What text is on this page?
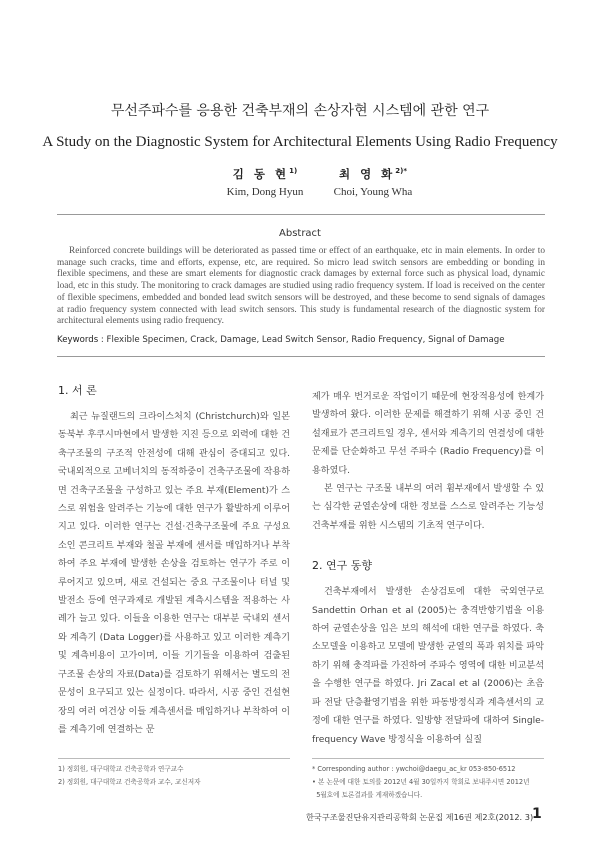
무선주파수를 응용한 건축부재의 손상자현 시스템에 관한 연구
A Study on the Diagnostic System for Architectural Elements Using Radio Frequency
김 동 현$^{1)}$
Kim, Dong Hyun
최 영 화$^{2)*}$
Choi, Young Wha
Abstract

Reinforced concrete buildings will be deteriorated as passed time or effect of an earthquake, etc in main elements. In order to manage such cracks, time and efforts, expense, etc, are required. So micro lead switch sensors are embedding or bonding in flexible specimens, and these are smart elements for diagnostic crack damages by external force such as physical load, dynamic load, etc in this study. The monitoring to crack damages are studied using radio frequency system. If load is received on the center of flexible specimens, embedded and bonded lead switch sensors will be destroyed, and these become to send signals of damages at radio frequency system connected with lead switch sensors. This study is fundamental research of the diagnostic system for architectural elements using radio frequency.

Keywords : Flexible Specimen, Crack, Damage, Lead Switch Sensor, Radio Frequency, Signal of Damage
1. 서 론

최근 뉴질랜드의 크라이스처치 (Christchurch)와 일본 동북부 후쿠시마현에서 발생한 지진 등으로 외력에 대한 건축구조물의 구조적 안전성에 대해 관심이 증대되고 있다. 국내외적으로 고베너치의 동적하중이 건축구조물에 작용하면 건축구조물을 구성하고 있는 주요 부재(Element)가 스스로 위험을 알려주는 기능에 대한 연구가 활발하게 이루어지고 있다. 이러한 연구는 건설·건축구조물에 주요 구성요소인 콘크리트 부재와 철골 부재에 센서를 매입하거나 부착하여 주요 부재에 발생한 손상을 검토하는 연구가 주로 이루어지고 있으며, 새로 건설되는 중요 구조물이나 터널 및 발전소 등에 연구과제로 개발된 계측시스템을 적용하는 사례가 늘고 있다. 이들을 이용한 연구는 대부분 국내외 센서와 계측기 (Data Logger)를 사용하고 있고 이러한 계측기 및 계측비용이 고가이며, 이들 기기들을 이용하여 검출된 구조물 손상의 자료(Data)를 검토하기 위해서는 별도의 전문성이 요구되고 있는 실정이다. 따라서, 시공 중인 건설현장의 여러 여건상 이들 계측센서를 매입하거나 부착하여 이를 계측기에 연결하는 문

제가 매우 번거로운 작업이기 때문에 현장적용성에 한계가 발생하여 왔다. 이러한 문제를 해결하기 위해 시공 중인 건설재료가 콘크리트일 경우, 센서와 계측기의 연결성에 대한 문제를 단순화하고 무선 주파수 (Radio Frequency)를 이용하였다.

본 연구는 구조물 내부의 여러 휨부재에서 발생할 수 있는 심각한 균열손상에 대한 정보를 스스로 알려주는 기능성 건축부재를 위한 시스템의 기초적 연구이다.

2. 연구 동향

건축부재에서 발생한 손상검토에 대한 국외연구로 Sandettin Orhan et al (2005)는 충격반향기법을 이용하여 균열손상을 입은 보의 해석에 대한 연구를 하였다. 축소모델을 이용하고 모델에 발생한 균열의 폭과 위치를 파악하기 위해 충격파를 가진하여 주파수 영역에 대한 비교분석을 수행한 연구를 하였다. Jri Zacal et al (2006)는 초음파 전달 단층촬영기법을 위한 파동방정식과 계측센서의 교정에 대한 연구를 하였다. 일방향 전달파에 대하여 Single-frequency Wave 방정식을 이용하여 실질

1) 정회원, 대구대학교 건축공학과 연구교수

2) 정회원, 대구대학교 건축공학과 교수, 교신저자

* Corresponding author : ywchoi@daegu_ac_kr 053-850-6512

• 본 논문에 대한 토의를 2012년 4월 30일까지 학회로 보내주시면 2012년

5월호에 토론결과를 게재하겠습니다.

한국구조물진단유지관리공학회 논문집 제16권 제2호(2012. 3)
1
